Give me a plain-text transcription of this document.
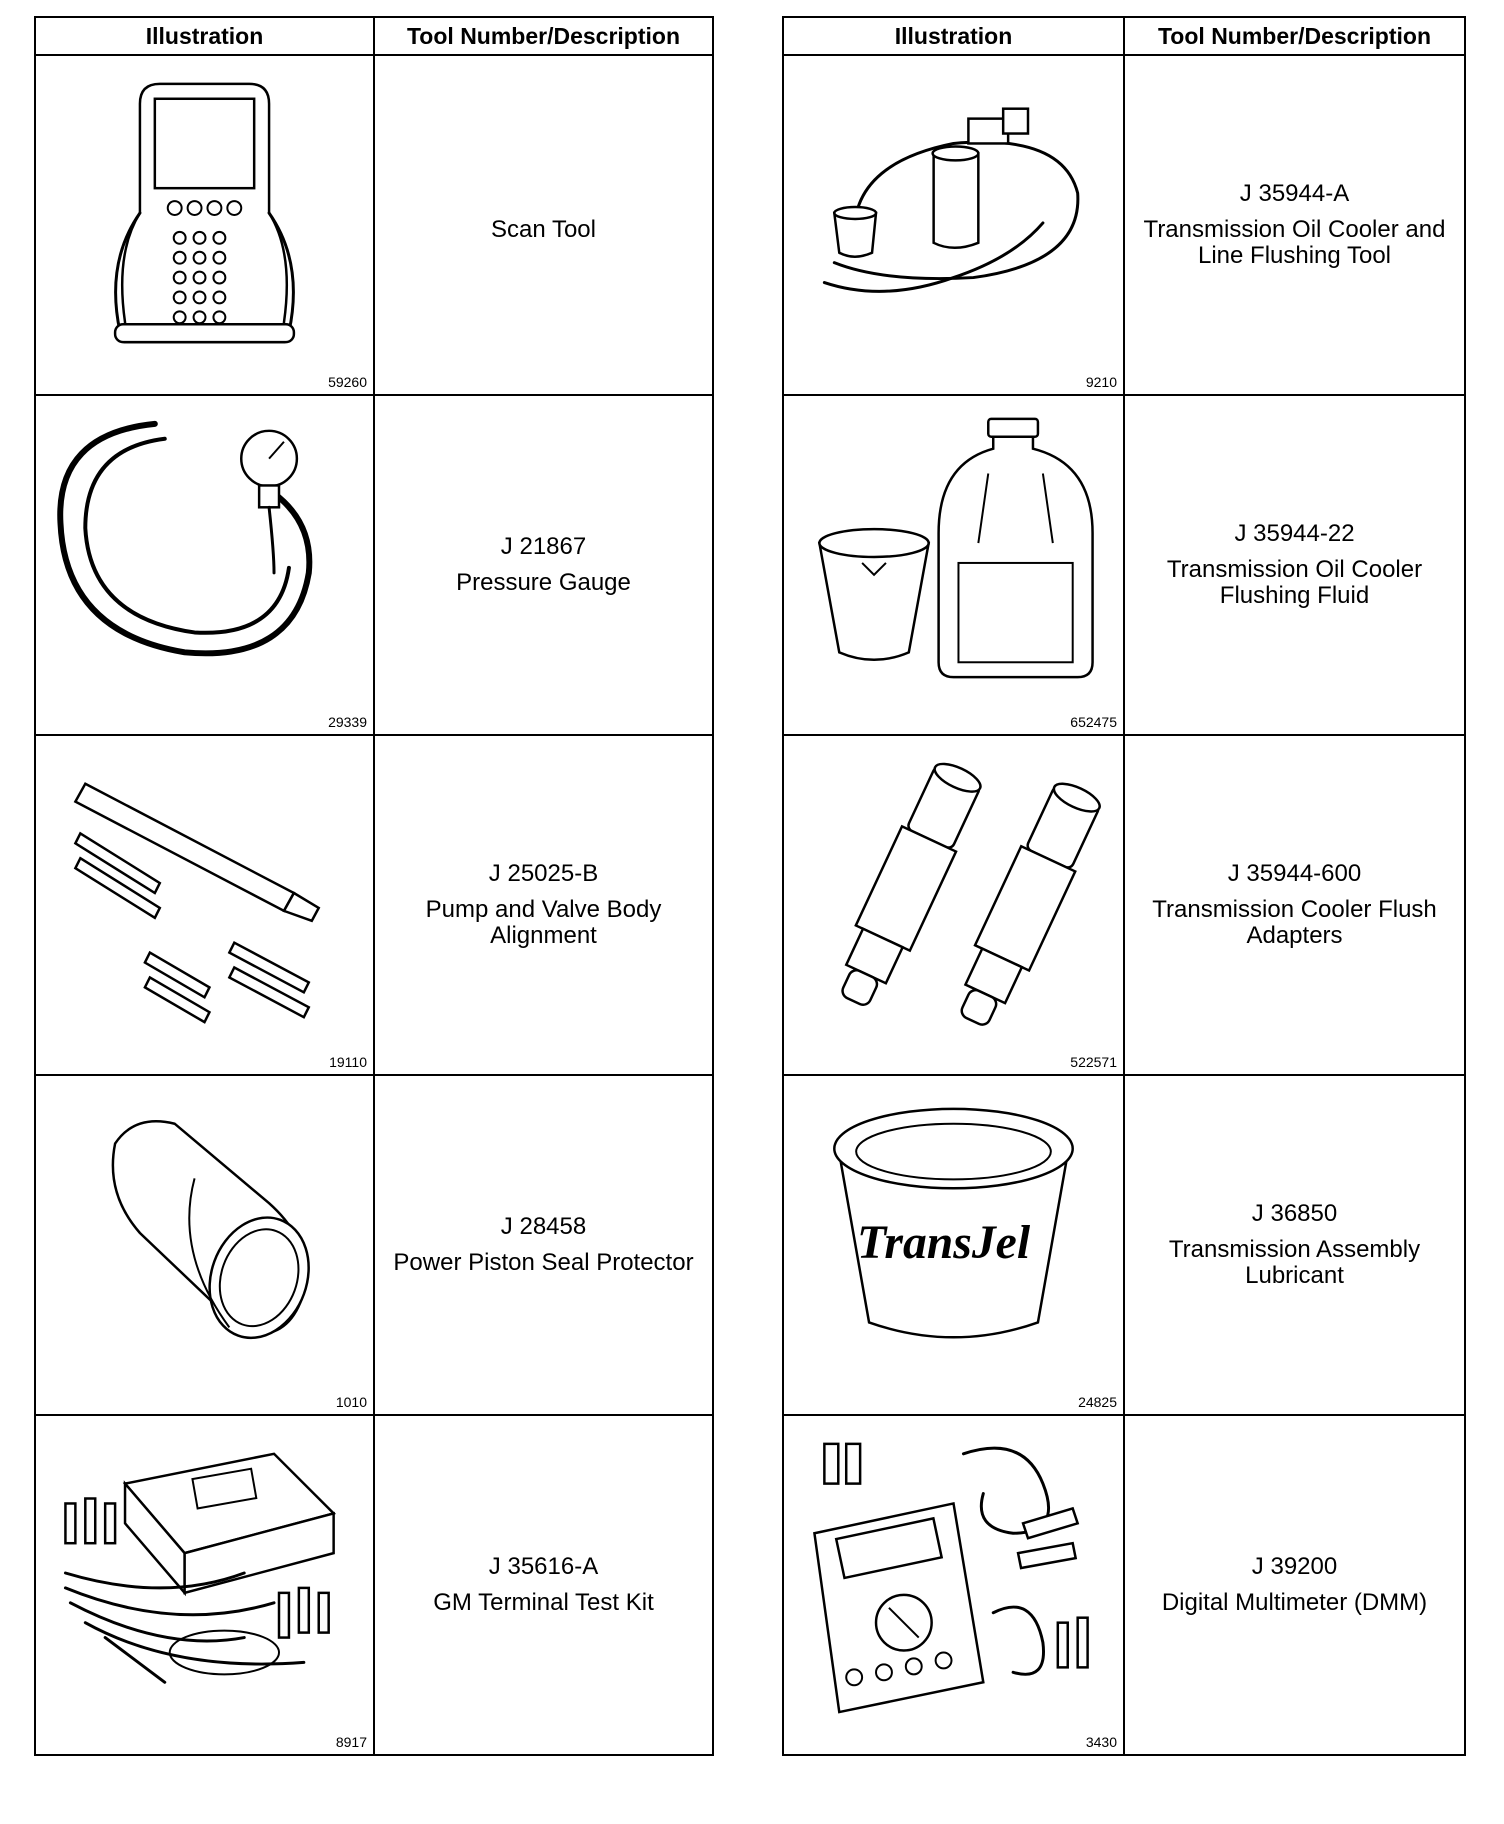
Illustration	Tool Number/Description

59260	Scan Tool

29339	J 21867
Pressure Gauge

19110	J 25025-B
Pump and Valve Body Alignment

1010	J 28458
Power Piston Seal Protector

8917	J 35616-A
GM Terminal Test Kit
Illustration	Tool Number/Description

9210	J 35944-A
Transmission Oil Cooler and Line Flushing Tool

652475	J 35944-22
Transmission Oil Cooler Flushing Fluid

522571	J 35944-600
Transmission Cooler Flush Adapters

TransJel
24825	J 36850
Transmission Assembly Lubricant

3430	J 39200
Digital Multimeter (DMM)
